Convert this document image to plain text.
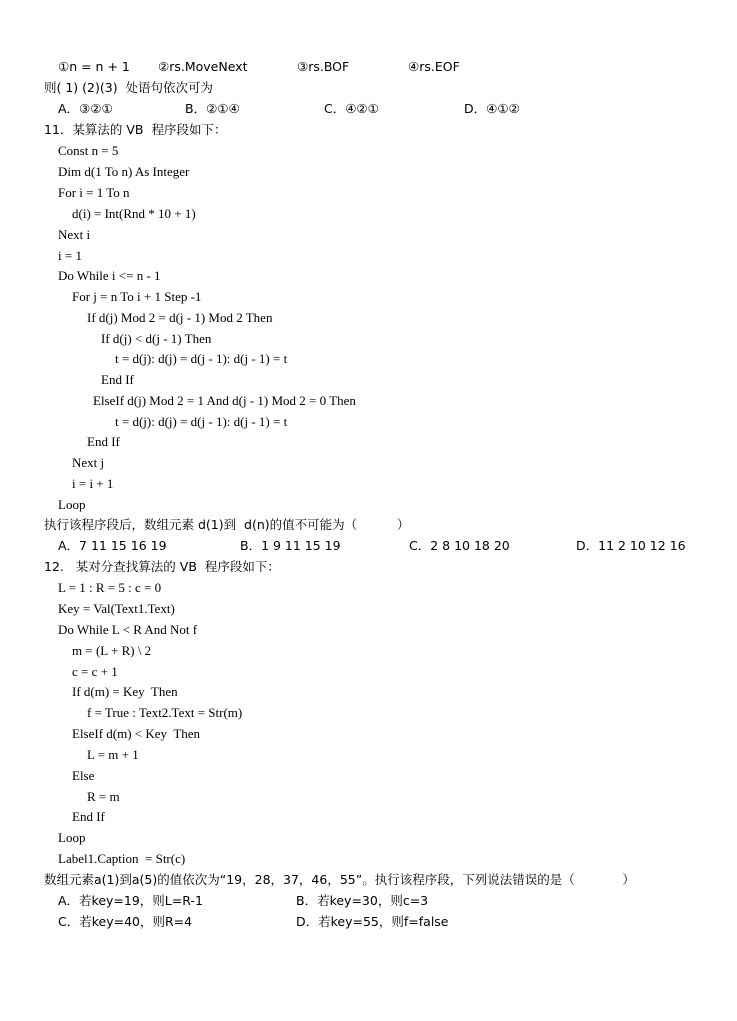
①n = n + 1 ②rs.MoveNext	③rs.BOF	④rs.EOF
则( 1) (2)(3)  处语句依次可为
A．③②①	B．②①④	C．④②①	D．④①②
11．某算法的 VB  程序段如下：
Const n = 5
Dim d(1 To n) As Integer
For i = 1 To n
d(i) = Int(Rnd * 10 + 1)
Next i
i = 1
Do While i <= n - 1
For j = n To i + 1 Step -1
If d(j) Mod 2 = d(j - 1) Mod 2 Then
If d(j) < d(j - 1) Then
t = d(j): d(j) = d(j - 1): d(j - 1) = t
End If
ElseIf d(j) Mod 2 = 1 And d(j - 1) Mod 2 = 0 Then
t = d(j): d(j) = d(j - 1): d(j - 1) = t
End If
Next j
i = i + 1
Loop
执行该程序段后，数组元素 d(1)到  d(n)的值不可能为（          ）
A．7 11 15 16 19	B．1 9 11 15 19	C．2 8 10 18 20	D．11 2 10 12 16
12.   某对分查找算法的 VB  程序段如下：
L = 1 : R = 5 : c = 0
Key = Val(Text1.Text)
Do While L < R And Not f
m = (L + R) \ 2
c = c + 1
If d(m) = Key  Then
f = True : Text2.Text = Str(m)
ElseIf d(m) < Key  Then
L = m + 1
Else
R = m
End If
Loop
Label1.Caption  = Str(c)
数组元素a(1)到a(5)的值依次为“19，28，37，46，55”。执行该程序段，下列说法错误的是（            ）
A．若key=19，则L=R-1	B．若key=30，则c=3
C．若key=40，则R=4	D．若key=55，则f=false
